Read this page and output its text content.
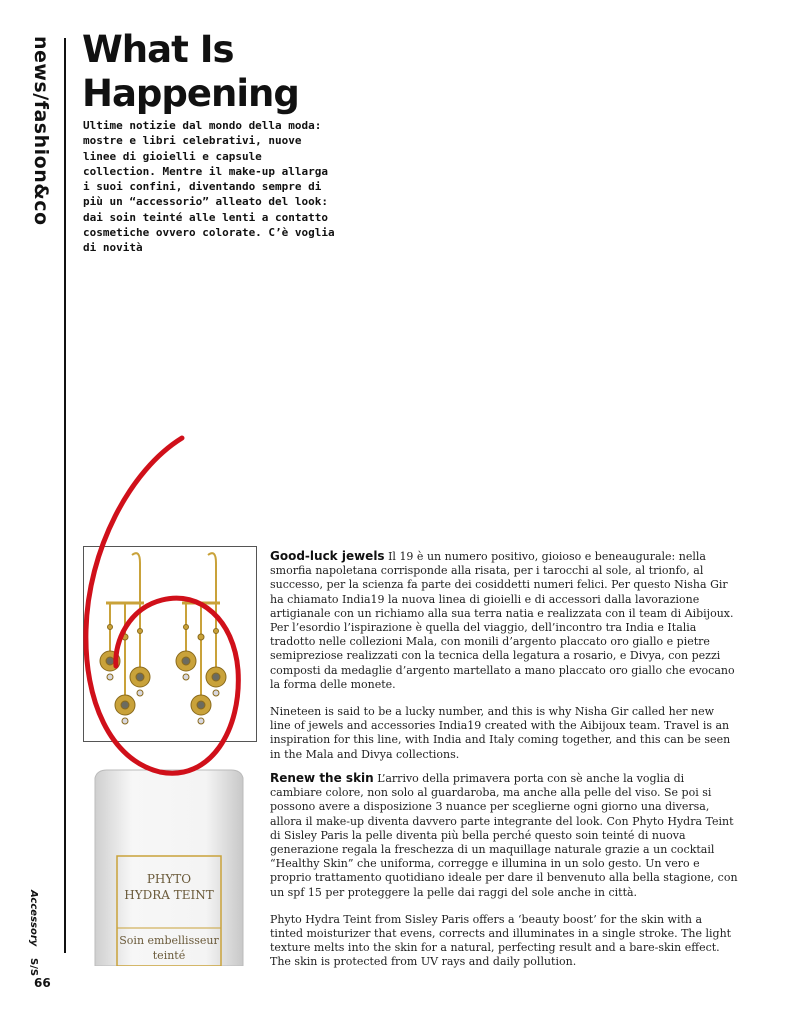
news/fashion&co What Is Happening

Ultime notizie dal mondo della moda: mostre e libri celebrativi, nuove linee di gioielli e capsule collection. Mentre il make-up allarga i suoi confini, diventando sempre di più un “accessorio” alleato del look: dai soin teinté alle lenti a contatto cosmetiche ovvero colorate. C’è voglia di novità

PHYTO
HYDRA TEINT
Soin embellisseur
teinté

Good-luck jewels Il 19 è un numero positivo, gioioso e beneaugurale: nella smorfia napoletana corrisponde alla risata, per i tarocchi al sole, al trionfo, al successo, per la scienza fa parte dei cosiddetti numeri felici. Per questo Nisha Gir ha chiamato India19 la nuova linea di gioielli e di accessori dalla lavorazione artigianale con un richiamo alla sua terra natia e realizzata con il team di Aibijoux. Per l’esordio l’ispirazione è quella del viaggio, dell’incontro tra India e Italia tradotto nelle collezioni Mala, con monili d’argento placcato oro giallo e pietre semipreziose realizzati con la tecnica della legatura a rosario, e Divya, con pezzi composti da medaglie d’argento martellato a mano placcato oro giallo che evocano la forma delle monete.

Nineteen is said to be a lucky number, and this is why Nisha Gir called her new line of jewels and accessories India19 created with the Aibijoux team. Travel is an inspiration for this line, with India and Italy coming together, and this can be seen in the Mala and Divya collections.

Renew the skin L’arrivo della primavera porta con sè anche la voglia di cambiare colore, non solo al guardaroba, ma anche alla pelle del viso. Se poi si possono avere a disposizione 3 nuance per sceglierne ogni giorno una diversa, allora il make-up diventa davvero parte integrante del look. Con Phyto Hydra Teint di Sisley Paris la pelle diventa più bella perché questo soin teinté di nuova generazione regala la freschezza di un maquillage naturale grazie a un cocktail “Healthy Skin” che uniforma, corregge e illumina in un solo gesto. Un vero e proprio trattamento quotidiano ideale per dare il benvenuto alla bella stagione, con un spf 15 per proteggere la pelle dai raggi del sole anche in città.

Phyto Hydra Teint from Sisley Paris offers a ‘beauty boost’ for the skin with a tinted moisturizer that evens, corrects and illuminates in a single stroke. The light texture melts into the skin for a natural, perfecting result and a bare-skin effect. The skin is protected from UV rays and daily pollution.

Accessory S/S
66
